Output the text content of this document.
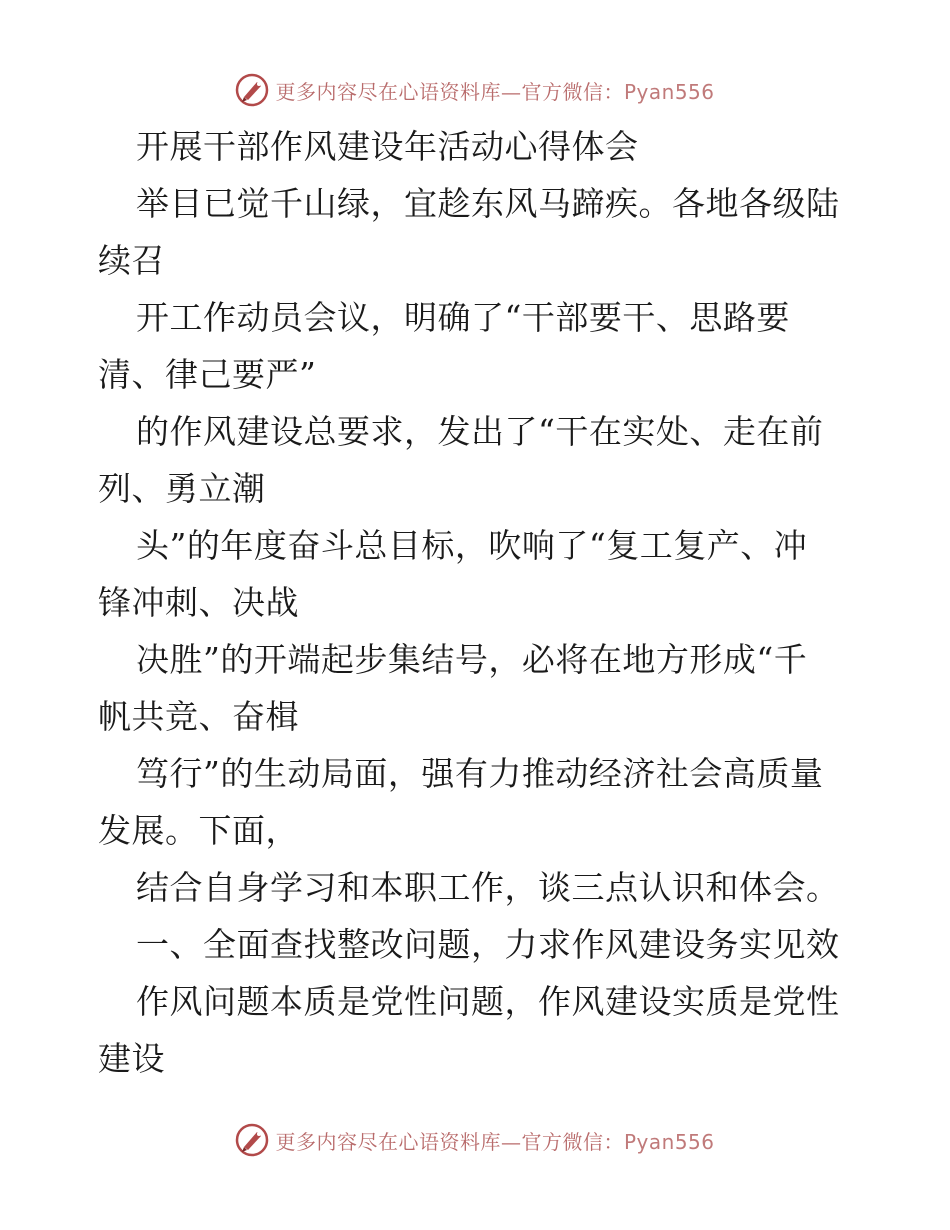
更多内容尽在心语资料库—官方微信：Pyan556
开展干部作风建设年活动心得体会
举目已觉千山绿，宜趁东风马蹄疾。各地各级陆
续召
开工作动员会议，明确了“干部要干、思路要
清、律己要严”
的作风建设总要求，发出了“干在实处、走在前
列、勇立潮
头”的年度奋斗总目标，吹响了“复工复产、冲
锋冲刺、决战
决胜”的开端起步集结号，必将在地方形成“千
帆共竞、奋楫
笃行”的生动局面，强有力推动经济社会高质量
发展。下面，
结合自身学习和本职工作，谈三点认识和体会。
一、全面查找整改问题，力求作风建设务实见效
作风问题本质是党性问题，作风建设实质是党性
建设
更多内容尽在心语资料库—官方微信：Pyan556
